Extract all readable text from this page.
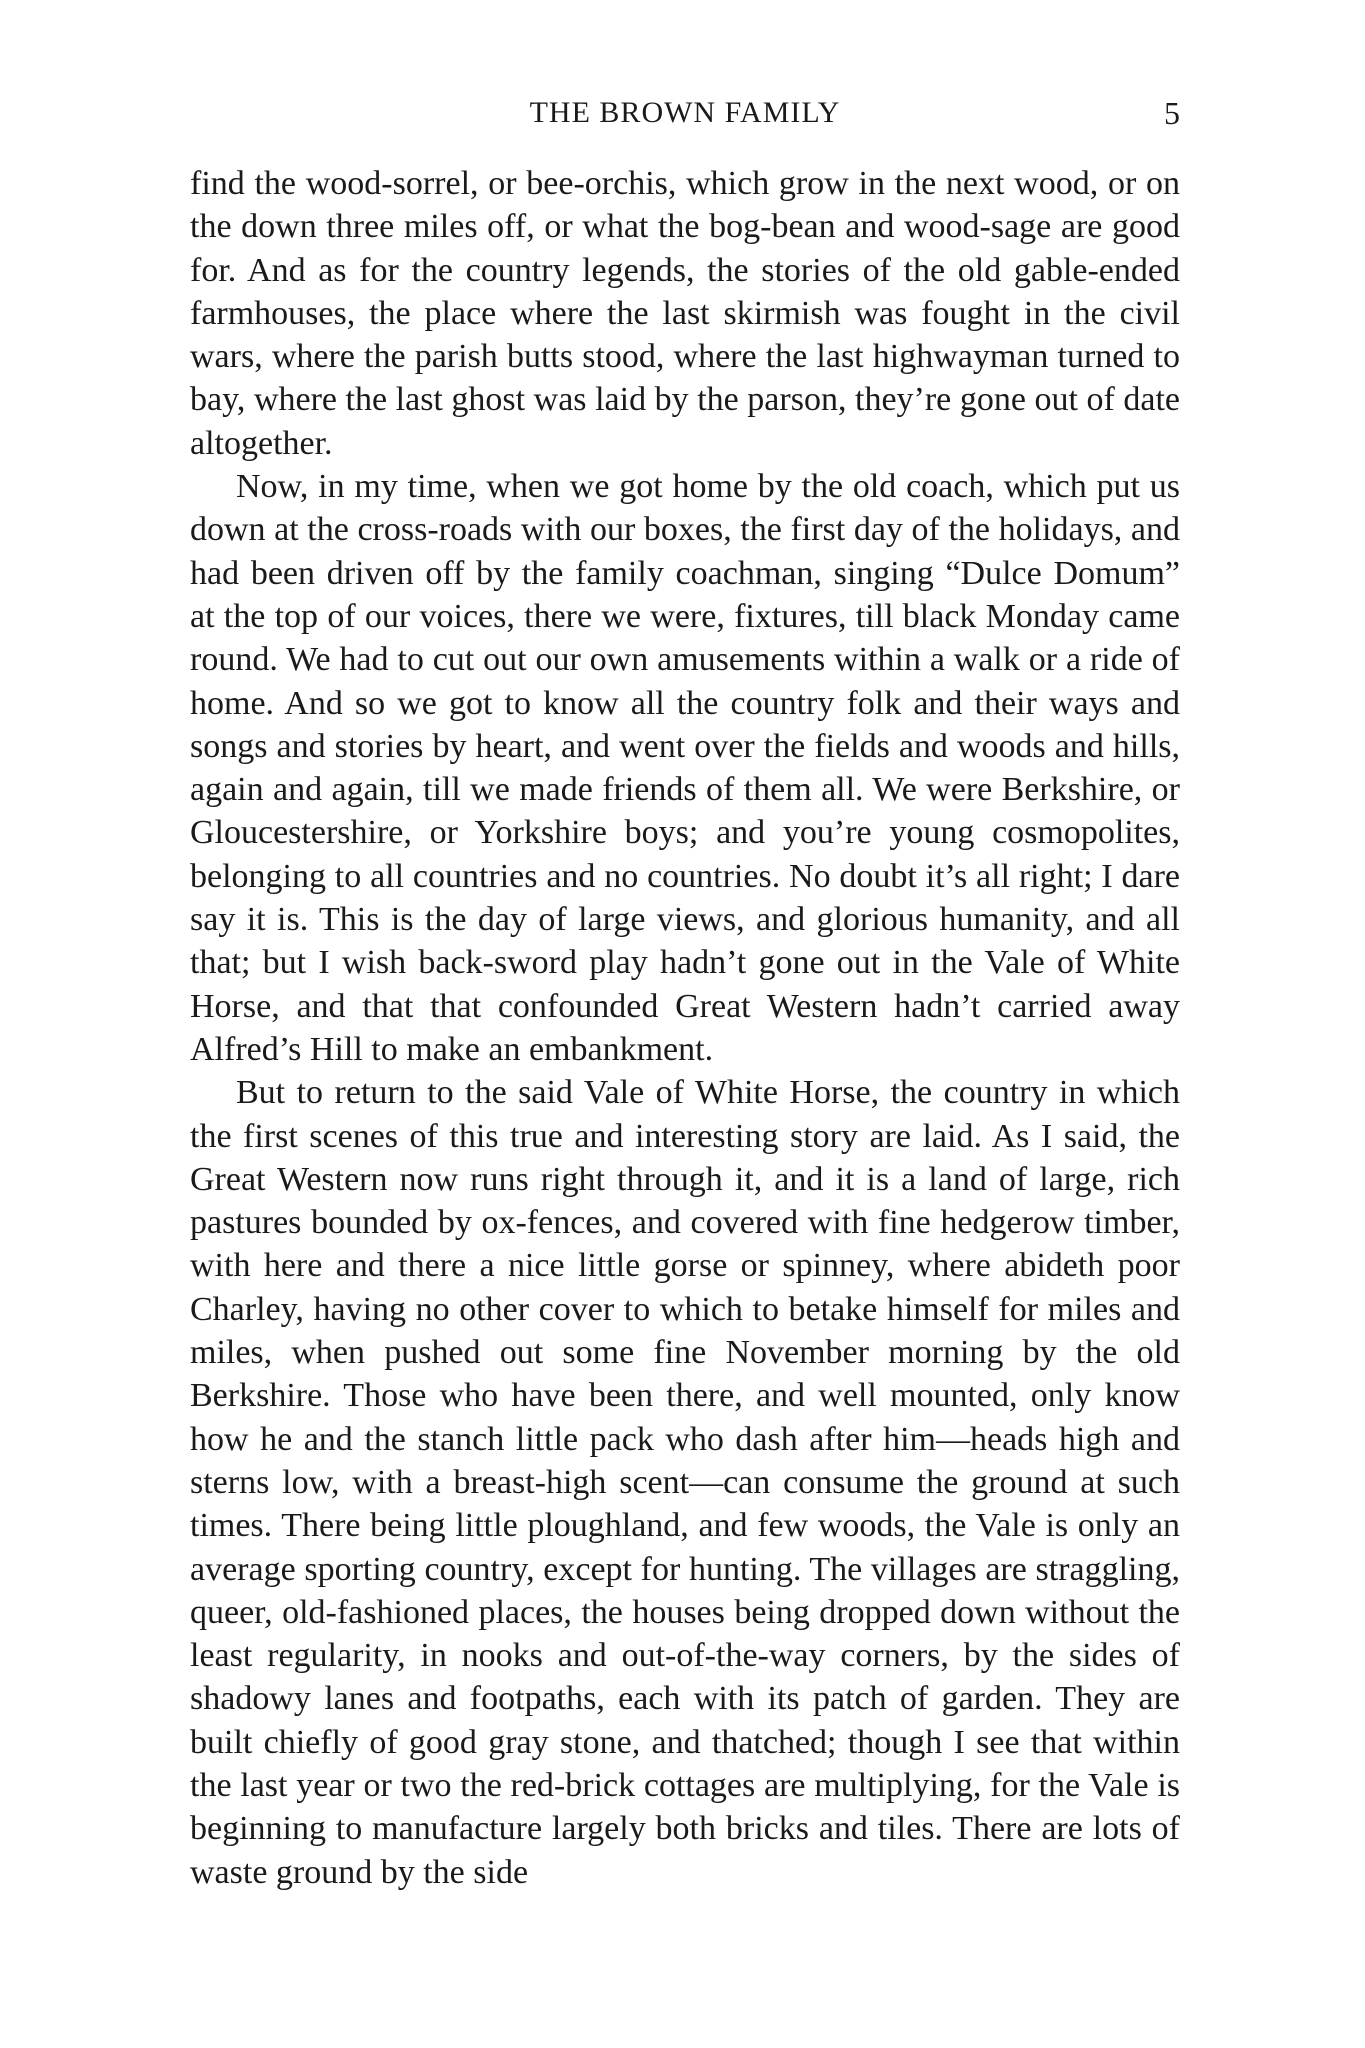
THE BROWN FAMILY	5

find the wood-sorrel, or bee-orchis, which grow in the next wood, or on the down three miles off, or what the bog-bean and wood-sage are good for. And as for the country legends, the stories of the old gable-ended farmhouses, the place where the last skirmish was fought in the civil wars, where the parish butts stood, where the last highwayman turned to bay, where the last ghost was laid by the parson, they’re gone out of date altogether.

Now, in my time, when we got home by the old coach, which put us down at the cross-roads with our boxes, the first day of the holidays, and had been driven off by the family coachman, singing “Dulce Domum” at the top of our voices, there we were, fixtures, till black Monday came round. We had to cut out our own amusements within a walk or a ride of home. And so we got to know all the country folk and their ways and songs and stories by heart, and went over the fields and woods and hills, again and again, till we made friends of them all. We were Berkshire, or Gloucestershire, or Yorkshire boys; and you’re young cosmopolites, belonging to all countries and no countries. No doubt it’s all right; I dare say it is. This is the day of large views, and glorious humanity, and all that; but I wish back-sword play hadn’t gone out in the Vale of White Horse, and that that confounded Great Western hadn’t carried away Alfred’s Hill to make an embankment.

But to return to the said Vale of White Horse, the country in which the first scenes of this true and interesting story are laid. As I said, the Great Western now runs right through it, and it is a land of large, rich pastures bounded by ox-fences, and covered with fine hedgerow timber, with here and there a nice little gorse or spinney, where abideth poor Charley, having no other cover to which to betake himself for miles and miles, when pushed out some fine November morning by the old Berkshire. Those who have been there, and well mounted, only know how he and the stanch little pack who dash after him—heads high and sterns low, with a breast-high scent—can consume the ground at such times. There being little ploughland, and few woods, the Vale is only an average sporting country, except for hunting. The villages are straggling, queer, old-fashioned places, the houses being dropped down without the least regularity, in nooks and out-of-the-way corners, by the sides of shadowy lanes and footpaths, each with its patch of garden. They are built chiefly of good gray stone, and thatched; though I see that within the last year or two the red-brick cottages are multiplying, for the Vale is beginning to manufacture largely both bricks and tiles. There are lots of waste ground by the side
